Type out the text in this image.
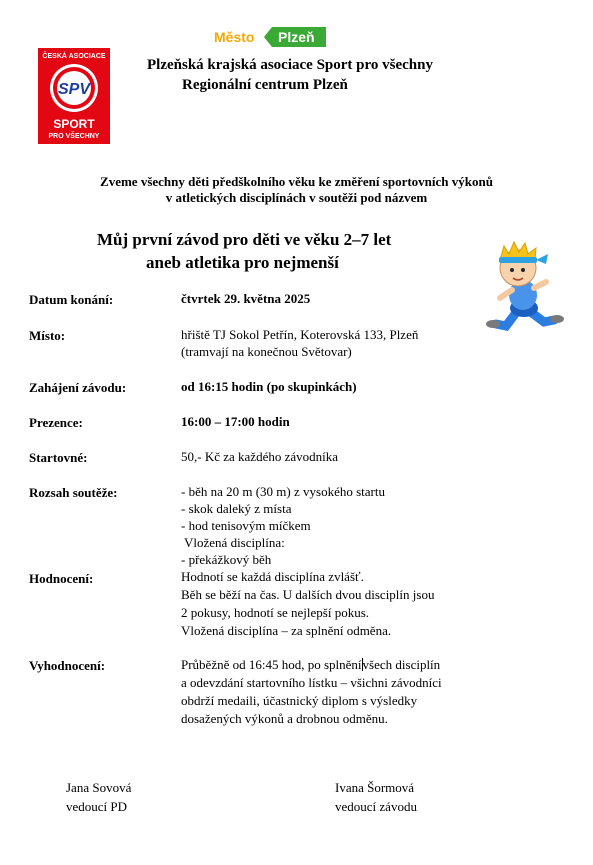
Město Plzeň
ČESKÁ ASOCIACE
SPV
SPORT
PRO VŠECHNY
Plzeňská krajská asociace Sport pro všechny
Regionální centrum Plzeň
Zveme všechny děti předškolního věku ke změření sportovních výkonů
v atletických disciplínách v soutěži pod názvem
Můj první závod pro děti ve věku 2–7 let
aneb atletika pro nejmenší
Datum konání:	čtvrtek 29. května 2025
Místo:	hřiště TJ Sokol Petřín, Koterovská 133, Plzeň
(tramvají na konečnou Světovar)
Zahájení závodu:	od 16:15 hodin (po skupinkách)
Prezence:	16:00 – 17:00 hodin
Startovné:	50,- Kč za každého závodníka
Rozsah soutěže:	- běh na 20 m (30 m) z vysokého startu
- skok daleký z místa
- hod tenisovým míčkem
Vložená disciplína:
- překážkový běh
Hodnocení:	Hodnotí se každá disciplína zvlášť.
Běh se běží na čas. U dalších dvou disciplín jsou
2 pokusy, hodnotí se nejlepší pokus.
Vložená disciplína – za splnění odměna.
Vyhodnocení:	Průběžně od 16:45 hod, po splněnívšech disciplín
a odevzdání startovního lístku – všichni závodníci
obdrží medaili, účastnický diplom s výsledky
dosažených výkonů a drobnou odměnu.
Jana Sovová
vedoucí PD
Ivana Šormová
vedoucí závodu
